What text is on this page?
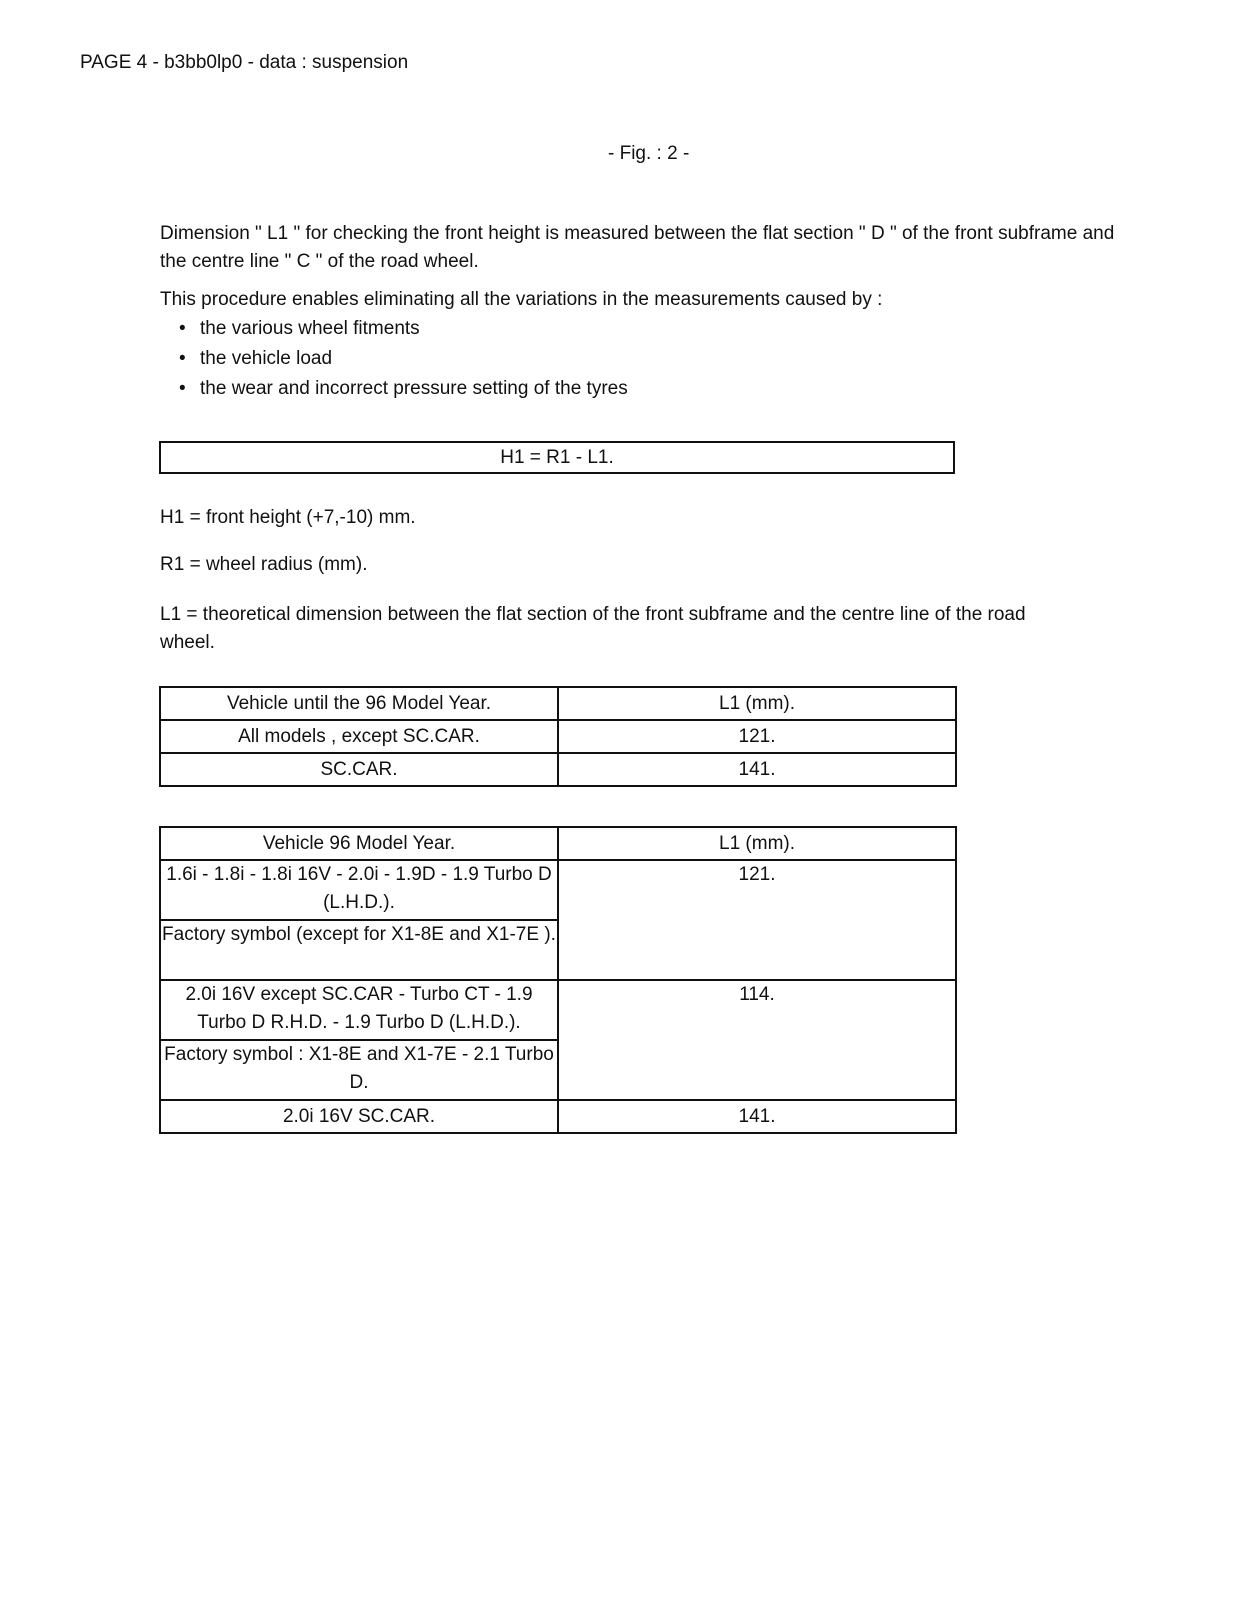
PAGE 4 - b3bb0lp0 - data : suspension
- Fig. : 2 -
Dimension " L1 " for checking the front height is measured between the flat section " D " of the front subframe and the centre line " C " of the road wheel.
This procedure enables eliminating all the variations in the measurements caused by :
• the various wheel fitments
• the vehicle load
• the wear and incorrect pressure setting of the tyres
H1 = R1 - L1.
H1 = front height (+7,-10) mm.
R1 = wheel radius (mm).
L1 = theoretical dimension between the flat section of the front subframe and the centre line of the road wheel.
Vehicle until the 96 Model Year.	L1 (mm).
All models , except SC.CAR.	121.
SC.CAR.	141.
Vehicle 96 Model Year.	L1 (mm).
1.6i - 1.8i - 1.8i 16V - 2.0i - 1.9D - 1.9 Turbo D (L.H.D.).	121.
Factory symbol (except for X1-8E and X1-7E ).	
2.0i 16V except SC.CAR - Turbo CT - 1.9 Turbo D R.H.D. - 1.9 Turbo D (L.H.D.).	114.
Factory symbol : X1-8E and X1-7E - 2.1 Turbo D.	
2.0i 16V SC.CAR.	141.
